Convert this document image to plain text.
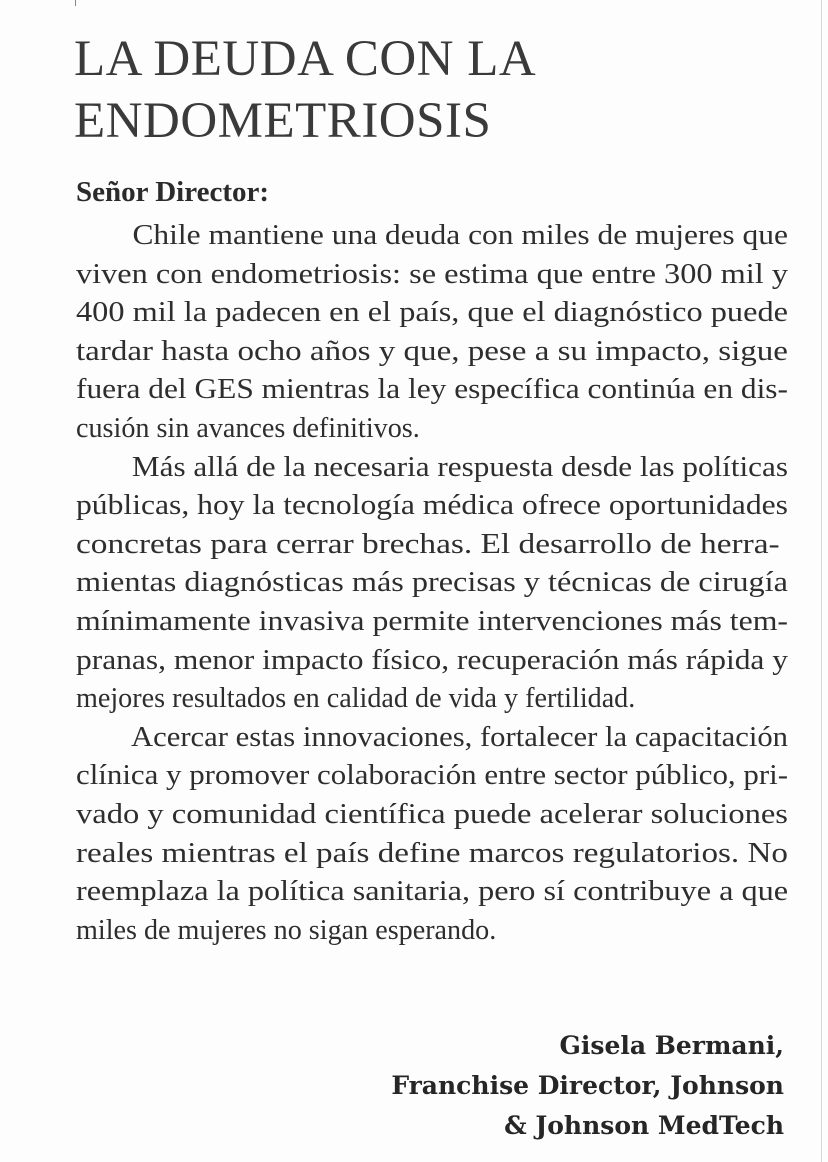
LA DEUDA CON LA
ENDOMETRIOSIS

Señor Director:

Chile mantiene una deuda con miles de mujeres que
viven con endometriosis: se estima que entre 300 mil y
400 mil la padecen en el país, que el diagnóstico puede
tardar hasta ocho años y que, pese a su impacto, sigue
fuera del GES mientras la ley específica continúa en dis-
cusión sin avances definitivos.
Más allá de la necesaria respuesta desde las políticas
públicas, hoy la tecnología médica ofrece oportunidades
concretas para cerrar brechas. El desarrollo de herra-
mientas diagnósticas más precisas y técnicas de cirugía
mínimamente invasiva permite intervenciones más tem-
pranas, menor impacto físico, recuperación más rápida y
mejores resultados en calidad de vida y fertilidad.
Acercar estas innovaciones, fortalecer la capacitación
clínica y promover colaboración entre sector público, pri-
vado y comunidad científica puede acelerar soluciones
reales mientras el país define marcos regulatorios. No
reemplaza la política sanitaria, pero sí contribuye a que
miles de mujeres no sigan esperando.
Gisela Bermani,
Franchise Director, Johnson
& Johnson MedTech
